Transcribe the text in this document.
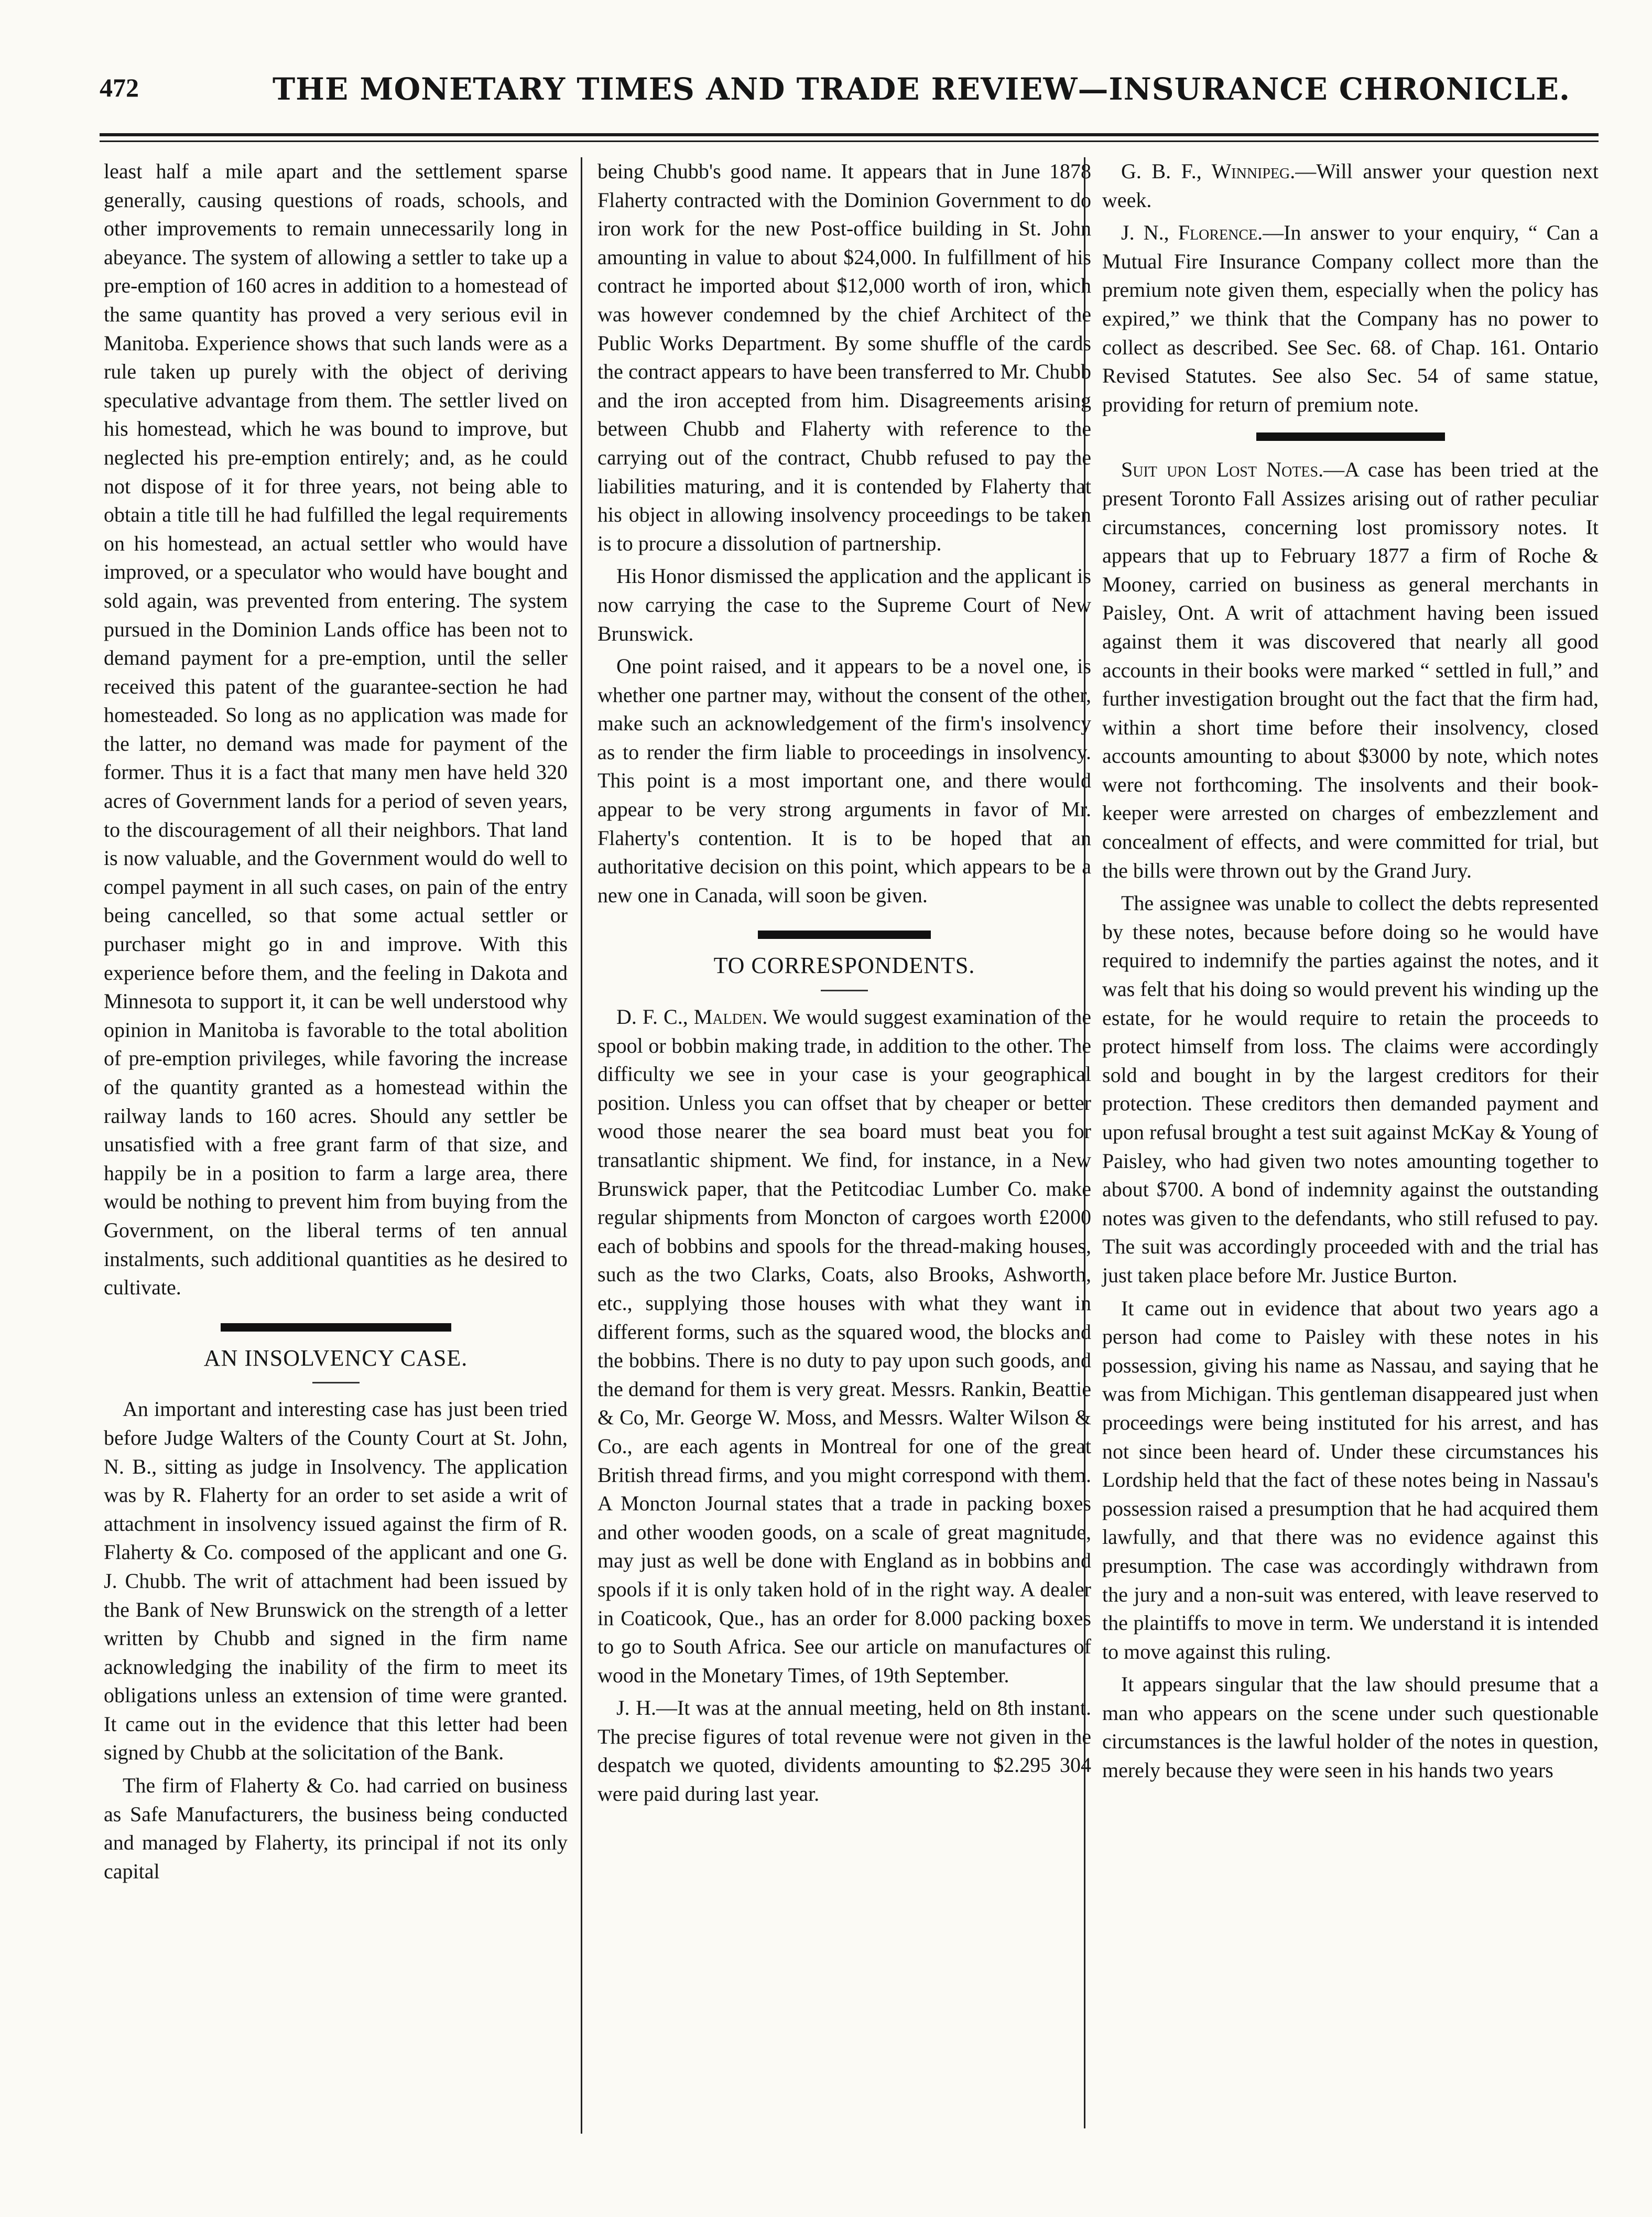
472	THE MONETARY TIMES AND TRADE REVIEW—INSURANCE CHRONICLE.

least half a mile apart and the settlement sparse generally, causing questions of roads, schools, and other improvements to remain unnecessarily long in abeyance. The system of allowing a settler to take up a pre-emption of 160 acres in addition to a homestead of the same quantity has proved a very serious evil in Manitoba. Experience shows that such lands were as a rule taken up purely with the object of deriving speculative advantage from them. The settler lived on his homestead, which he was bound to improve, but neglected his pre-emption entirely; and, as he could not dispose of it for three years, not being able to obtain a title till he had fulfilled the legal requirements on his homestead, an actual settler who would have improved, or a speculator who would have bought and sold again, was prevented from entering. The system pursued in the Dominion Lands office has been not to demand payment for a pre-emption, until the seller received this patent of the guarantee-section he had homesteaded. So long as no application was made for the latter, no demand was made for payment of the former. Thus it is a fact that many men have held 320 acres of Government lands for a period of seven years, to the discouragement of all their neighbors. That land is now valuable, and the Government would do well to compel payment in all such cases, on pain of the entry being cancelled, so that some actual settler or purchaser might go in and improve. With this experience before them, and the feeling in Dakota and Minnesota to support it, it can be well understood why opinion in Manitoba is favorable to the total abolition of pre-emption privileges, while favoring the increase of the quantity granted as a homestead within the railway lands to 160 acres. Should any settler be unsatisfied with a free grant farm of that size, and happily be in a position to farm a large area, there would be nothing to prevent him from buying from the Government, on the liberal terms of ten annual instalments, such additional quantities as he desired to cultivate.

AN INSOLVENCY CASE.

An important and interesting case has just been tried before Judge Walters of the County Court at St. John, N. B., sitting as judge in Insolvency. The application was by R. Flaherty for an order to set aside a writ of attachment in insolvency issued against the firm of R. Flaherty & Co. composed of the applicant and one G. J. Chubb. The writ of attachment had been issued by the Bank of New Brunswick on the strength of a letter written by Chubb and signed in the firm name acknowledging the inability of the firm to meet its obligations unless an extension of time were granted. It came out in the evidence that this letter had been signed by Chubb at the solicitation of the Bank.

The firm of Flaherty & Co. had carried on business as Safe Manufacturers, the business being conducted and managed by Flaherty, its principal if not its only capital

being Chubb's good name. It appears that in June 1878 Flaherty contracted with the Dominion Government to do iron work for the new Post-office building in St. John amounting in value to about $24,000. In fulfillment of his contract he imported about $12,000 worth of iron, which was however condemned by the chief Architect of the Public Works Department. By some shuffle of the cards the contract appears to have been transferred to Mr. Chubb and the iron accepted from him. Disagreements arising between Chubb and Flaherty with reference to the carrying out of the contract, Chubb refused to pay the liabilities maturing, and it is contended by Flaherty that his object in allowing insolvency proceedings to be taken is to procure a dissolution of partnership.

His Honor dismissed the application and the applicant is now carrying the case to the Supreme Court of New Brunswick.

One point raised, and it appears to be a novel one, is whether one partner may, without the consent of the other, make such an acknowledgement of the firm's insolvency as to render the firm liable to proceedings in insolvency. This point is a most important one, and there would appear to be very strong arguments in favor of Mr. Flaherty's contention. It is to be hoped that an authoritative decision on this point, which appears to be a new one in Canada, will soon be given.

TO CORRESPONDENTS.

D. F. C., Malden. We would suggest examination of the spool or bobbin making trade, in addition to the other. The difficulty we see in your case is your geographical position. Unless you can offset that by cheaper or better wood those nearer the sea board must beat you for transatlantic shipment. We find, for instance, in a New Brunswick paper, that the Petitcodiac Lumber Co. make regular shipments from Moncton of cargoes worth £2000 each of bobbins and spools for the thread-making houses, such as the two Clarks, Coats, also Brooks, Ashworth, etc., supplying those houses with what they want in different forms, such as the squared wood, the blocks and the bobbins. There is no duty to pay upon such goods, and the demand for them is very great. Messrs. Rankin, Beattie & Co, Mr. George W. Moss, and Messrs. Walter Wilson & Co., are each agents in Montreal for one of the great British thread firms, and you might correspond with them. A Moncton Journal states that a trade in packing boxes and other wooden goods, on a scale of great magnitude, may just as well be done with England as in bobbins and spools if it is only taken hold of in the right way. A dealer in Coaticook, Que., has an order for 8.000 packing boxes to go to South Africa. See our article on manufactures of wood in the Monetary Times, of 19th September.

J. H.—It was at the annual meeting, held on 8th instant. The precise figures of total revenue were not given in the despatch we quoted, dividents amounting to $2.295 304 were paid during last year.

G. B. F., Winnipeg.—Will answer your question next week.

J. N., Florence.—In answer to your enquiry, “ Can a Mutual Fire Insurance Company collect more than the premium note given them, especially when the policy has expired,” we think that the Company has no power to collect as described. See Sec. 68. of Chap. 161. Ontario Revised Statutes. See also Sec. 54 of same statue, providing for return of premium note.

Suit upon Lost Notes.—A case has been tried at the present Toronto Fall Assizes arising out of rather peculiar circumstances, concerning lost promissory notes. It appears that up to February 1877 a firm of Roche & Mooney, carried on business as general merchants in Paisley, Ont. A writ of attachment having been issued against them it was discovered that nearly all good accounts in their books were marked “ settled in full,” and further investigation brought out the fact that the firm had, within a short time before their insolvency, closed accounts amounting to about $3000 by note, which notes were not forthcoming. The insolvents and their book-keeper were arrested on charges of embezzlement and concealment of effects, and were committed for trial, but the bills were thrown out by the Grand Jury.

The assignee was unable to collect the debts represented by these notes, because before doing so he would have required to indemnify the parties against the notes, and it was felt that his doing so would prevent his winding up the estate, for he would require to retain the proceeds to protect himself from loss. The claims were accordingly sold and bought in by the largest creditors for their protection. These creditors then demanded payment and upon refusal brought a test suit against McKay & Young of Paisley, who had given two notes amounting together to about $700. A bond of indemnity against the outstanding notes was given to the defendants, who still refused to pay. The suit was accordingly proceeded with and the trial has just taken place before Mr. Justice Burton.

It came out in evidence that about two years ago a person had come to Paisley with these notes in his possession, giving his name as Nassau, and saying that he was from Michigan. This gentleman disappeared just when proceedings were being instituted for his arrest, and has not since been heard of. Under these circumstances his Lordship held that the fact of these notes being in Nassau's possession raised a presumption that he had acquired them lawfully, and that there was no evidence against this presumption. The case was accordingly withdrawn from the jury and a non-suit was entered, with leave reserved to the plaintiffs to move in term. We understand it is intended to move against this ruling.

It appears singular that the law should presume that a man who appears on the scene under such questionable circumstances is the lawful holder of the notes in question, merely because they were seen in his hands two years
